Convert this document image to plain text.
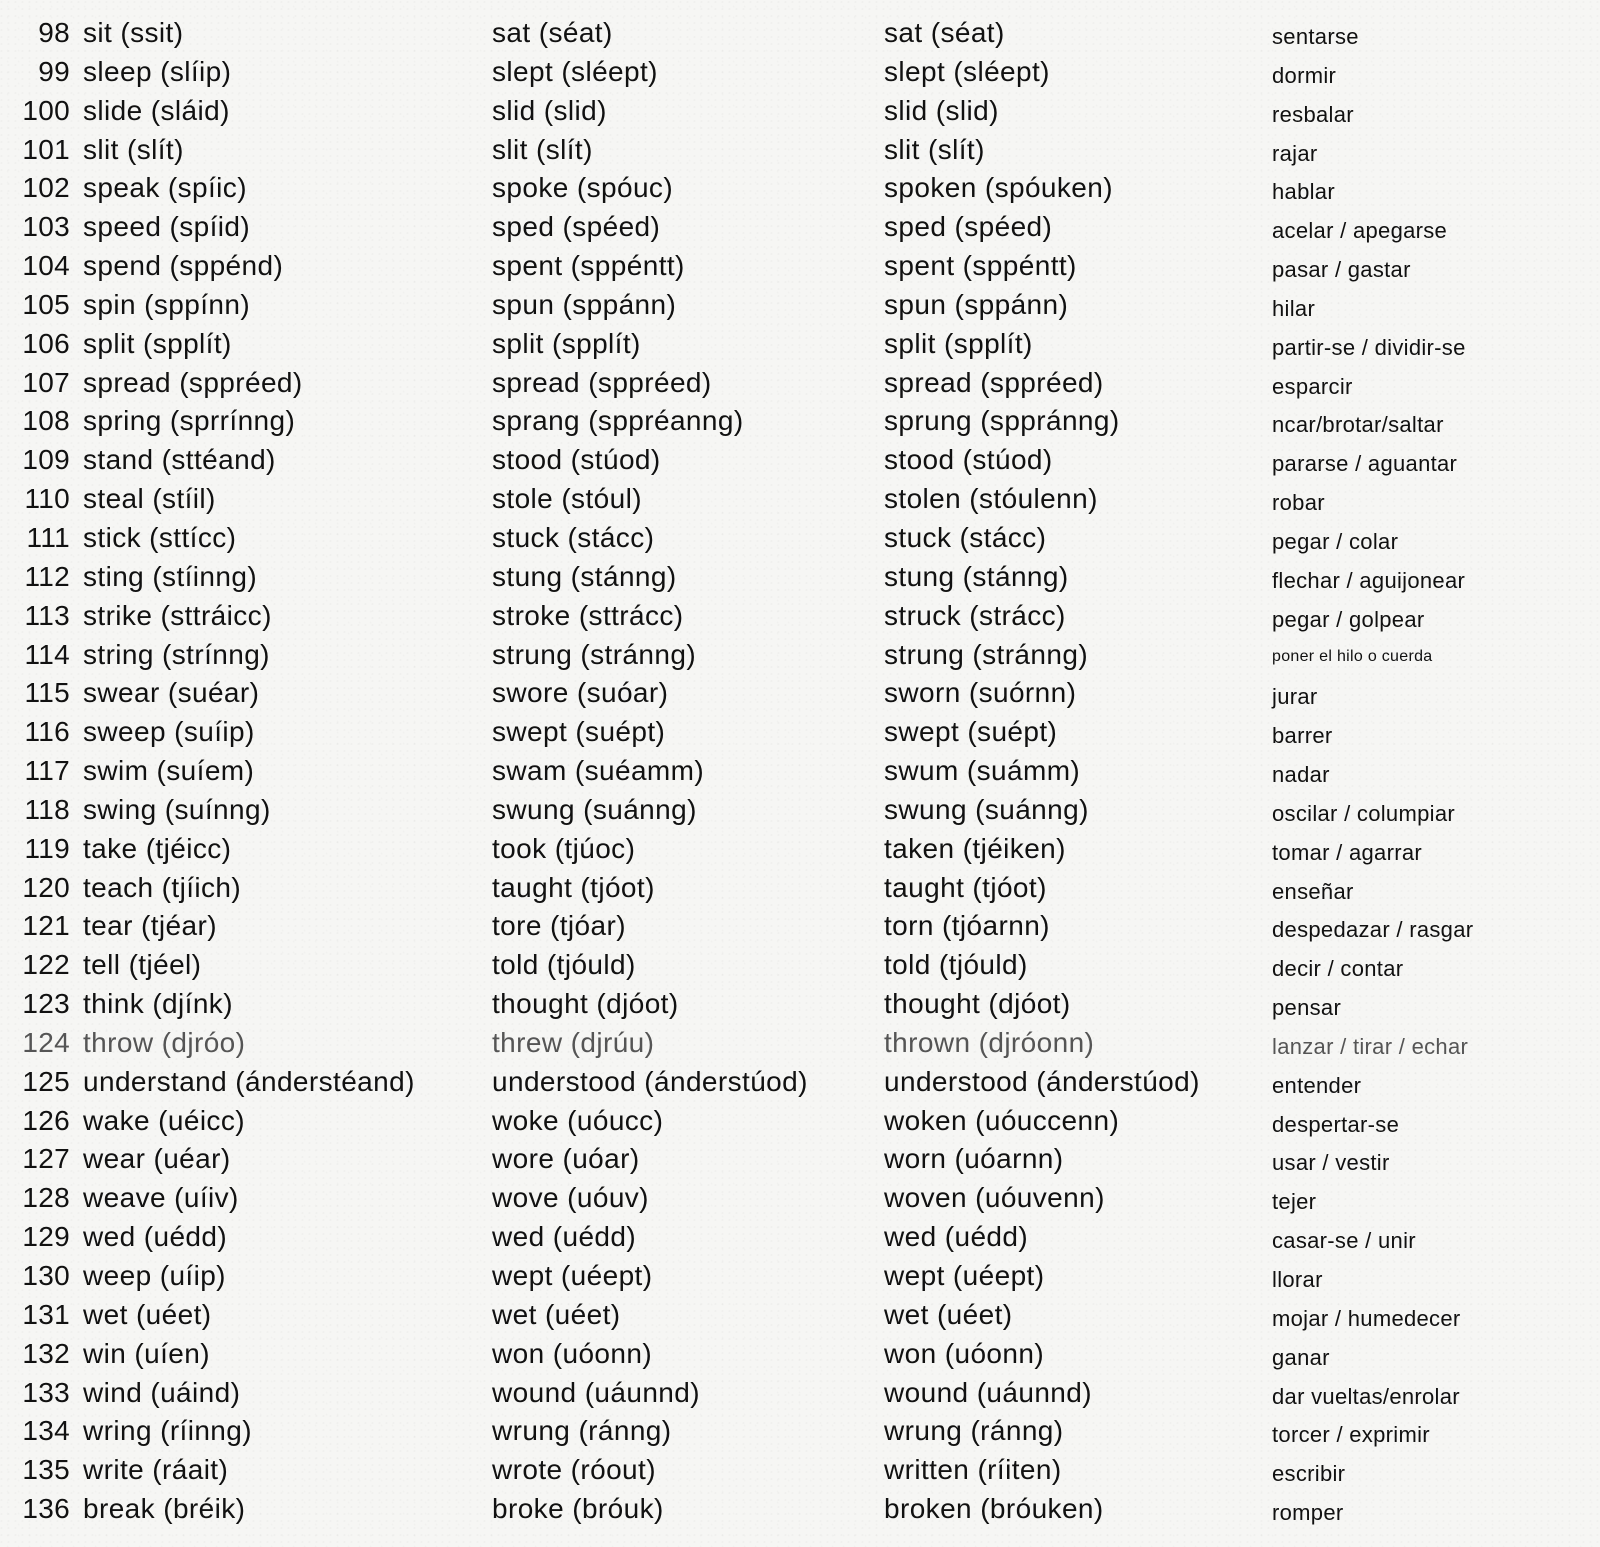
98 sit (ssit)	sat (séat)	sat (séat)	sentarse
99 sleep (slíip)	slept (sléept)	slept (sléept)	dormir
100 slide (sláid)	slid (slid)	slid (slid)	resbalar
101 slit (slít)	slit (slít)	slit (slít)	rajar
102 speak (spíic)	spoke (spóuc)	spoken (spóuken)	hablar
103 speed (spíid)	sped (spéed)	sped (spéed)	acelar / apegarse
104 spend (sppénd)	spent (sppéntt)	spent (sppéntt)	pasar / gastar
105 spin (sppínn)	spun (sppánn)	spun (sppánn)	hilar
106 split (spplít)	split (spplít)	split (spplít)	partir-se / dividir-se
107 spread (sppréed)	spread (sppréed)	spread (sppréed)	esparcir
108 spring (sprrínng)	sprang (sppréanng)	sprung (sppránng)	ncar/brotar/saltar
109 stand (sttéand)	stood (stúod)	stood (stúod)	pararse / aguantar
110 steal (stíil)	stole (stóul)	stolen (stóulenn)	robar
111 stick (sttícc)	stuck (stácc)	stuck (stácc)	pegar / colar
112 sting (stíinng)	stung (stánng)	stung (stánng)	flechar / aguijonear
113 strike (sttráicc)	stroke (sttrácc)	struck (strácc)	pegar / golpear
114 string (strínng)	strung (stránng)	strung (stránng)	poner el hilo o cuerda
115 swear (suéar)	swore (suóar)	sworn (suórnn)	jurar
116 sweep (suíip)	swept (suépt)	swept (suépt)	barrer
117 swim (suíem)	swam (suéamm)	swum (suámm)	nadar
118 swing (suínng)	swung (suánng)	swung (suánng)	oscilar / columpiar
119 take (tjéicc)	took (tjúoc)	taken (tjéiken)	tomar / agarrar
120 teach (tjíich)	taught (tjóot)	taught (tjóot)	enseñar
121 tear (tjéar)	tore (tjóar)	torn (tjóarnn)	despedazar / rasgar
122 tell (tjéel)	told (tjóuld)	told (tjóuld)	decir / contar
123 think (djínk)	thought (djóot)	thought (djóot)	pensar
124 throw (djróo)	threw (djrúu)	thrown (djróonn)	lanzar / tirar / echar
125 understand (ánderstéand)	understood (ánderstúod)	understood (ánderstúod)	entender
126 wake (uéicc)	woke (uóucc)	woken (uóuccenn)	despertar-se
127 wear (uéar)	wore (uóar)	worn (uóarnn)	usar / vestir
128 weave (uíiv)	wove (uóuv)	woven (uóuvenn)	tejer
129 wed (uédd)	wed (uédd)	wed (uédd)	casar-se / unir
130 weep (uíip)	wept (uéept)	wept (uéept)	llorar
131 wet (uéet)	wet (uéet)	wet (uéet)	mojar / humedecer
132 win (uíen)	won (uóonn)	won (uóonn)	ganar
133 wind (uáind)	wound (uáunnd)	wound (uáunnd)	dar vueltas/enrolar
134 wring (ríinng)	wrung (ránng)	wrung (ránng)	torcer / exprimir
135 write (ráait)	wrote (róout)	written (ríiten)	escribir
136 break (bréik)	broke (bróuk)	broken (bróuken)	romper
